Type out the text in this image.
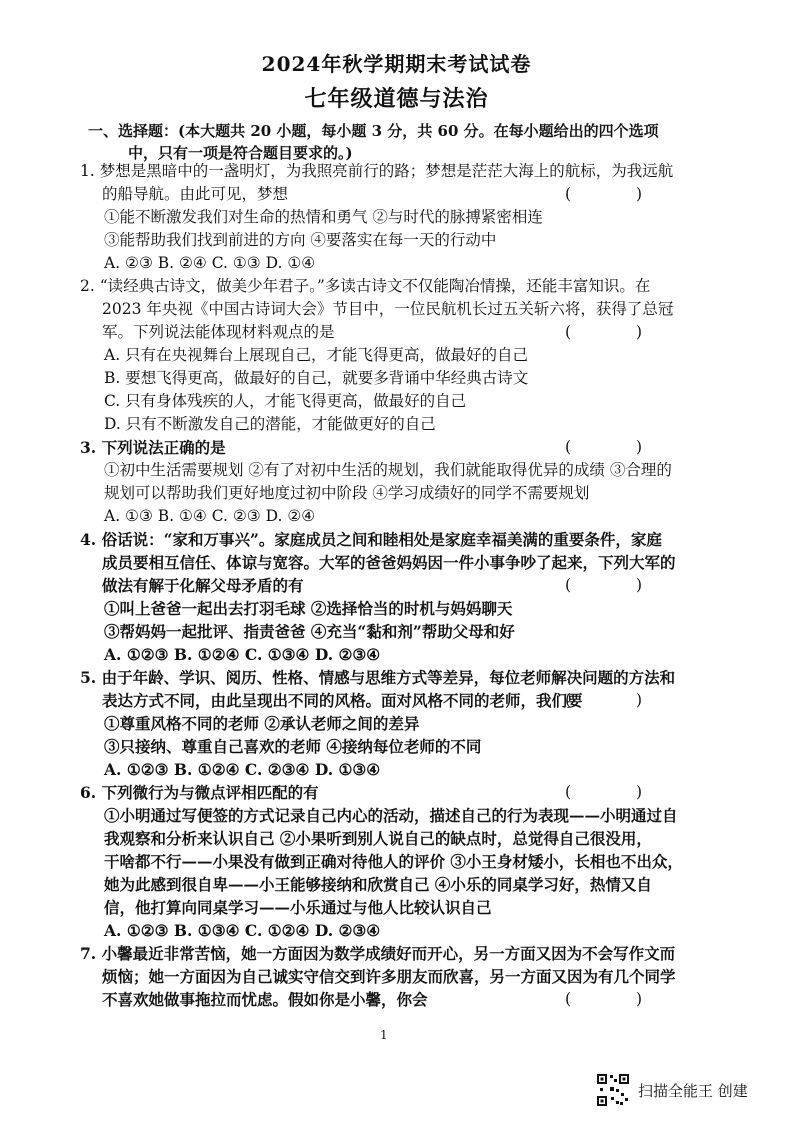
2024年秋学期期末考试试卷
七年级道德与法治
一、选择题：(本大题共 20 小题，每小题 3 分，共 60 分。在每小题给出的四个选项
中，只有一项是符合题目要求的。)
1. 梦想是黑暗中的一盏明灯，为我照亮前行的路；梦想是茫茫大海上的航标，为我远航
( )
的船导航。由此可见，梦想
①能不断激发我们对生命的热情和勇气 ②与时代的脉搏紧密相连
③能帮助我们找到前进的方向 ④要落实在每一天的行动中
A. ②③ B. ②④ C. ①③ D. ①④
2. “读经典古诗文，做美少年君子。”多读古诗文不仅能陶冶情操，还能丰富知识。在
2023 年央视《中国古诗词大会》节目中，一位民航机长过五关斩六将，获得了总冠
( )
军。下列说法能体现材料观点的是
A. 只有在央视舞台上展现自己，才能飞得更高，做最好的自己
B. 要想飞得更高，做最好的自己，就要多背诵中华经典古诗文
C. 只有身体残疾的人，才能飞得更高，做最好的自己
D. 只有不断激发自己的潜能，才能做更好的自己
( )
3. 下列说法正确的是
①初中生活需要规划 ②有了对初中生活的规划，我们就能取得优异的成绩 ③合理的
规划可以帮助我们更好地度过初中阶段 ④学习成绩好的同学不需要规划
A. ①③ B. ①④ C. ②③ D. ②④
4. 俗话说：“家和万事兴”。家庭成员之间和睦相处是家庭幸福美满的重要条件，家庭
成员要相互信任、体谅与宽容。大军的爸爸妈妈因一件小事争吵了起来，下列大军的
( )
做法有解于化解父母矛盾的有
①叫上爸爸一起出去打羽毛球 ②选择恰当的时机与妈妈聊天
③帮妈妈一起批评、指责爸爸 ④充当“黏和剂”帮助父母和好
A. ①②③ B. ①②④ C. ①③④ D. ②③④
5. 由于年龄、学识、阅历、性格、情感与思维方式等差异，每位老师解决问题的方法和
( )
表达方式不同，由此呈现出不同的风格。面对风格不同的老师，我们要
①尊重风格不同的老师 ②承认老师之间的差异
③只接纳、尊重自己喜欢的老师 ④接纳每位老师的不同
A. ①②③ B. ①②④ C. ②③④ D. ①③④
( )
6. 下列微行为与微点评相匹配的有
①小明通过写便签的方式记录自己内心的活动，描述自己的行为表现——小明通过自
我观察和分析来认识自己 ②小果听到别人说自己的缺点时，总觉得自己很没用，
干啥都不行——小果没有做到正确对待他人的评价 ③小王身材矮小，长相也不出众，
她为此感到很自卑——小王能够接纳和欣赏自己 ④小乐的同桌学习好，热情又自
信，他打算向同桌学习——小乐通过与他人比较认识自己
A. ①②③ B. ①③④ C. ①②④ D. ②③④
7. 小馨最近非常苦恼，她一方面因为数学成绩好而开心，另一方面又因为不会写作文而
烦恼；她一方面因为自己诚实守信交到许多朋友而欣喜，另一方面又因为有几个同学
( )
不喜欢她做事拖拉而忧虑。假如你是小馨，你会
1
扫描全能王 创建
